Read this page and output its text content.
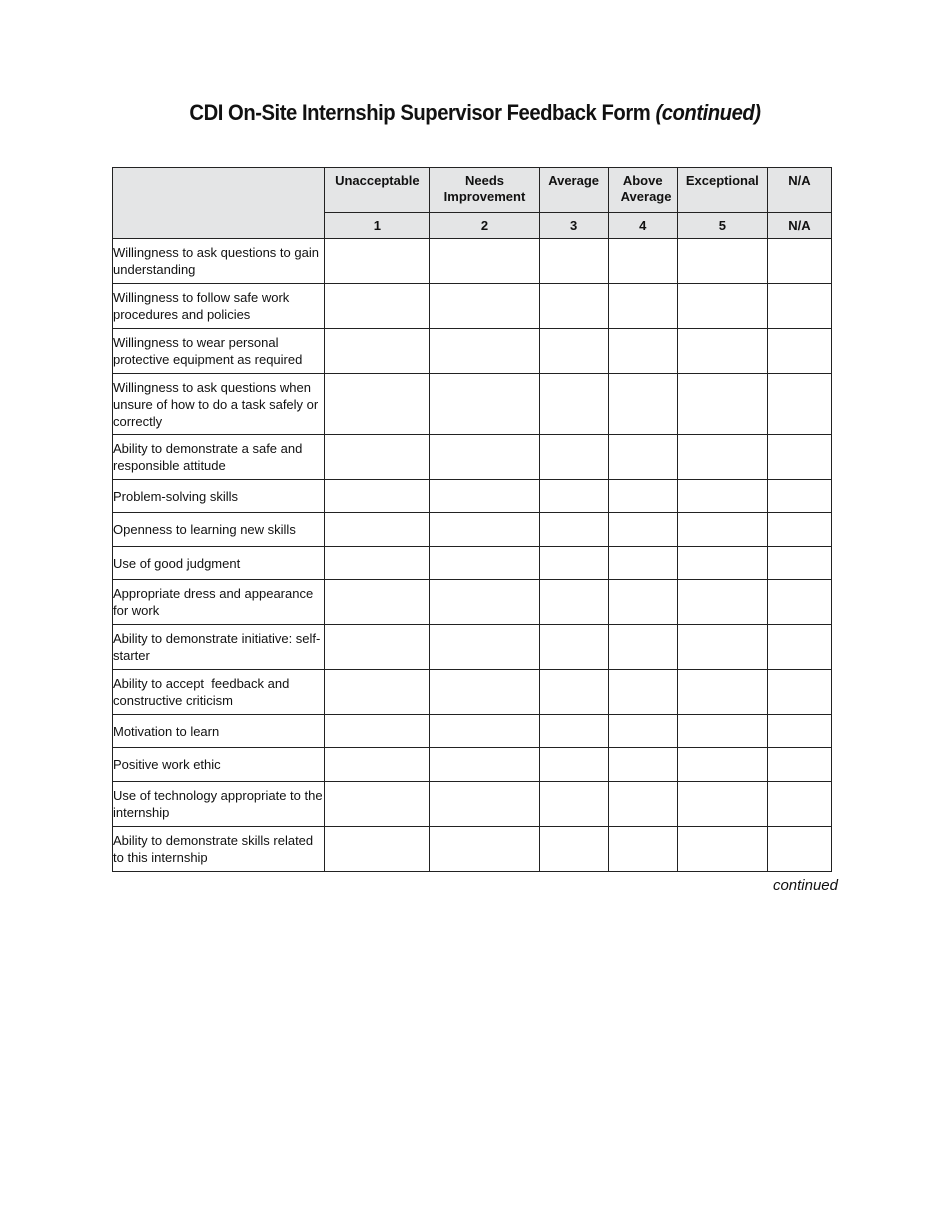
CDI On-Site Internship Supervisor Feedback Form (continued)
	Unacceptable	Needs Improvement	Average	Above Average	Exceptional	N/A
	1	2	3	4	5	N/A
Willingness to ask questions to gain understanding						
Willingness to follow safe work procedures and policies						
Willingness to wear personal protective equipment as required						
Willingness to ask questions when unsure of how to do a task safely or correctly						
Ability to demonstrate a safe and responsible attitude						
Problem-solving skills						
Openness to learning new skills						
Use of good judgment						
Appropriate dress and appearance for work						
Ability to demonstrate initiative: self-starter						
Ability to accept  feedback and constructive criticism						
Motivation to learn						
Positive work ethic						
Use of technology appropriate to the internship						
Ability to demonstrate skills related to this internship						
continued
